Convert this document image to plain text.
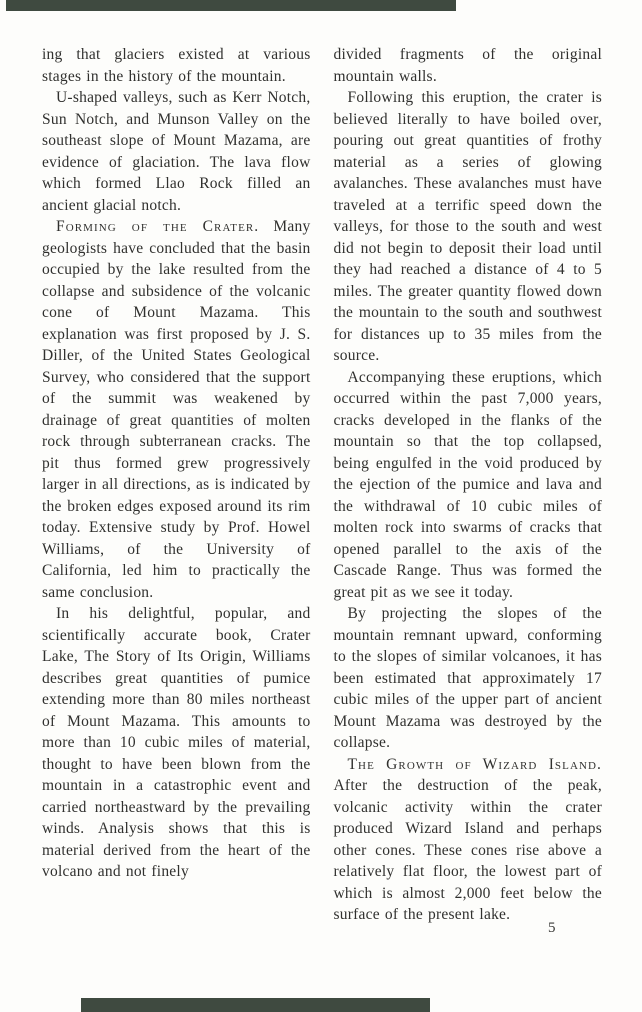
ing that glaciers existed at various stages in the history of the mountain.

U-shaped valleys, such as Kerr Notch, Sun Notch, and Munson Valley on the southeast slope of Mount Mazama, are evidence of glaciation. The lava flow which formed Llao Rock filled an ancient glacial notch.

Forming of the Crater. Many geologists have concluded that the basin occupied by the lake resulted from the collapse and subsidence of the volcanic cone of Mount Mazama. This explanation was first proposed by J. S. Diller, of the United States Geological Survey, who considered that the support of the summit was weakened by drainage of great quantities of molten rock through subterranean cracks. The pit thus formed grew progressively larger in all directions, as is indicated by the broken edges exposed around its rim today. Extensive study by Prof. Howel Williams, of the University of California, led him to practically the same conclusion.

In his delightful, popular, and scientifically accurate book, Crater Lake, The Story of Its Origin, Williams describes great quantities of pumice extending more than 80 miles northeast of Mount Mazama. This amounts to more than 10 cubic miles of material, thought to have been blown from the mountain in a catastrophic event and carried northeastward by the prevailing winds. Analysis shows that this is material derived from the heart of the volcano and not finely

divided fragments of the original mountain walls.

Following this eruption, the crater is believed literally to have boiled over, pouring out great quantities of frothy material as a series of glowing avalanches. These avalanches must have traveled at a terrific speed down the valleys, for those to the south and west did not begin to deposit their load until they had reached a distance of 4 to 5 miles. The greater quantity flowed down the mountain to the south and southwest for distances up to 35 miles from the source.

Accompanying these eruptions, which occurred within the past 7,000 years, cracks developed in the flanks of the mountain so that the top collapsed, being engulfed in the void produced by the ejection of the pumice and lava and the withdrawal of 10 cubic miles of molten rock into swarms of cracks that opened parallel to the axis of the Cascade Range. Thus was formed the great pit as we see it today.

By projecting the slopes of the mountain remnant upward, conforming to the slopes of similar volcanoes, it has been estimated that approximately 17 cubic miles of the upper part of ancient Mount Mazama was destroyed by the collapse.

The Growth of Wizard Island. After the destruction of the peak, volcanic activity within the crater produced Wizard Island and perhaps other cones. These cones rise above a relatively flat floor, the lowest part of which is almost 2,000 feet below the surface of the present lake.

5
